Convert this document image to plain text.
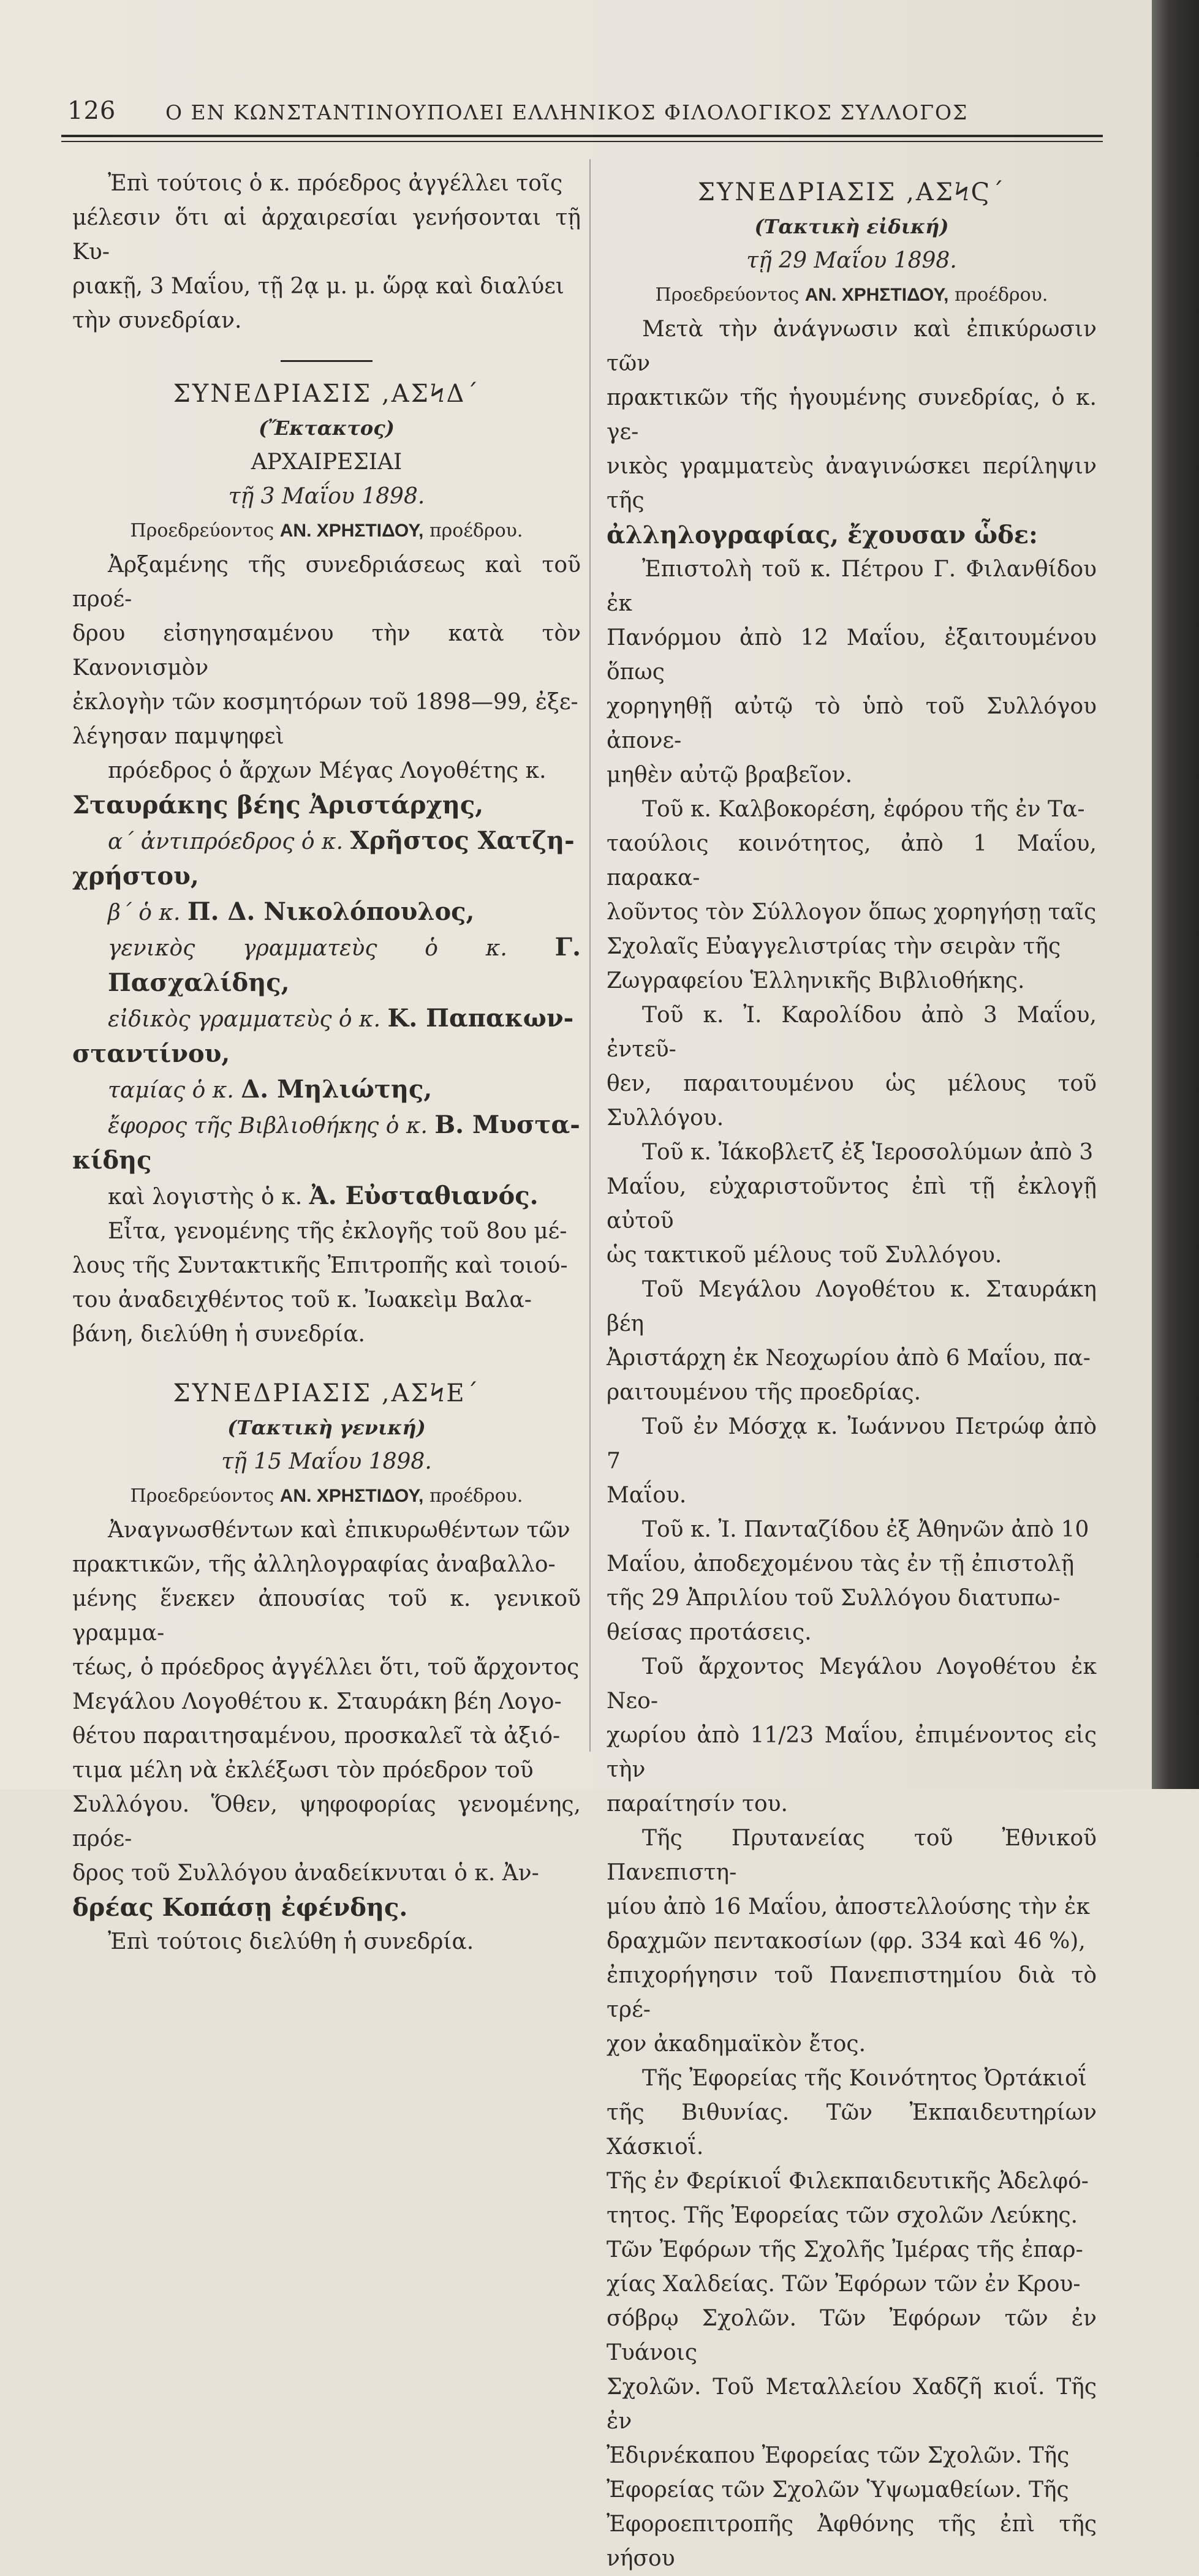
126 Ο ΕΝ ΚΩΝΣΤΑΝΤΙΝΟΥΠΟΛΕΙ ΕΛΛΗΝΙΚΟΣ ΦΙΛΟΛΟΓΙΚΟΣ ΣΥΛΛΟΓΟΣ

Ἐπὶ τούτοις ὁ κ. πρόεδρος ἀγγέλλει τοῖς

μέλεσιν ὅτι αἱ ἀρχαιρεσίαι γενήσονται τῇ Κυ-

ριακῇ, 3 Μαΐου, τῇ 2ᾳ μ. μ. ὥρᾳ καὶ διαλύει

τὴν συνεδρίαν.

ΣΥΝΕΔΡΙΑΣΙΣ ,ΑΣϞΔ΄

(Ἔκτακτος)

ΑΡΧΑΙΡΕΣΙΑΙ

τῇ 3 Μαΐου 1898.

Προεδρεύοντος ΑΝ. ΧΡΗΣΤΙΔΟΥ, προέδρου.

Ἀρξαμένης τῆς συνεδριάσεως καὶ τοῦ προέ-

δρου εἰσηγησαμένου τὴν κατὰ τὸν Κανονισμὸν

ἐκλογὴν τῶν κοσμητόρων τοῦ 1898—99, ἐξε-

λέγησαν παμψηφεὶ

πρόεδρος ὁ ἄρχων Μέγας Λογοθέτης κ.

Σταυράκης βέης Ἀριστάρχης,

α΄ ἀντιπρόεδρος ὁ κ. Χρῆστος Χατζη-

χρήστου,

β΄ ὁ κ. Π. Δ. Νικολόπουλος,

γενικὸς γραμματεὺς ὁ κ. Γ. Πασχαλίδης,

εἰδικὸς γραμματεὺς ὁ κ. Κ. Παπακων-

σταντίνου,

ταμίας ὁ κ. Δ. Μηλιώτης,

ἔφορος τῆς Βιβλιοθήκης ὁ κ. Β. Μυστα-

κίδης

καὶ λογιστὴς ὁ κ. Ἀ. Εὐσταθιανός.

Εἶτα, γενομένης τῆς ἐκλογῆς τοῦ 8ου μέ-

λους τῆς Συντακτικῆς Ἐπιτροπῆς καὶ τοιού-

του ἀναδειχθέντος τοῦ κ. Ἰωακεὶμ Βαλα-

βάνη, διελύθη ἡ συνεδρία.

ΣΥΝΕΔΡΙΑΣΙΣ ,ΑΣϞΕ΄

(Τακτικὴ γενική)

τῇ 15 Μαΐου 1898.

Προεδρεύοντος ΑΝ. ΧΡΗΣΤΙΔΟΥ, προέδρου.

Ἀναγνωσθέντων καὶ ἐπικυρωθέντων τῶν

πρακτικῶν, τῆς ἀλληλογραφίας ἀναβαλλο-

μένης ἕνεκεν ἀπουσίας τοῦ κ. γενικοῦ γραμμα-

τέως, ὁ πρόεδρος ἀγγέλλει ὅτι, τοῦ ἄρχοντος

Μεγάλου Λογοθέτου κ. Σταυράκη βέη Λογο-

θέτου παραιτησαμένου, προσκαλεῖ τὰ ἀξιό-

τιμα μέλη νὰ ἐκλέξωσι τὸν πρόεδρον τοῦ

Συλλόγου. Ὅθεν, ψηφοφορίας γενομένης, πρόε-

δρος τοῦ Συλλόγου ἀναδείκνυται ὁ κ. Ἀν-

δρέας Κοπάσῃ ἐφένδης.

Ἐπὶ τούτοις διελύθη ἡ συνεδρία.

ΣΥΝΕΔΡΙΑΣΙΣ ,ΑΣϞϚ΄

(Τακτικὴ εἰδική)

τῇ 29 Μαΐου 1898.

Προεδρεύοντος ΑΝ. ΧΡΗΣΤΙΔΟΥ, προέδρου.

Μετὰ τὴν ἀνάγνωσιν καὶ ἐπικύρωσιν τῶν

πρακτικῶν τῆς ἡγουμένης συνεδρίας, ὁ κ. γε-

νικὸς γραμματεὺς ἀναγινώσκει περίληψιν τῆς

ἀλληλογραφίας, ἔχουσαν ὧδε:

Ἐπιστολὴ τοῦ κ. Πέτρου Γ. Φιλανθίδου ἐκ

Πανόρμου ἀπὸ 12 Μαΐου, ἐξαιτουμένου ὅπως

χορηγηθῇ αὐτῷ τὸ ὑπὸ τοῦ Συλλόγου ἀπονε-

μηθὲν αὐτῷ βραβεῖον.

Τοῦ κ. Καλβοκορέση, ἐφόρου τῆς ἐν Τα-

ταούλοις κοινότητος, ἀπὸ 1 Μαΐου, παρακα-

λοῦντος τὸν Σύλλογον ὅπως χορηγήσῃ ταῖς

Σχολαῖς Εὐαγγελιστρίας τὴν σειρὰν τῆς

Ζωγραφείου Ἑλληνικῆς Βιβλιοθήκης.

Τοῦ κ. Ἰ. Καρολίδου ἀπὸ 3 Μαΐου, ἐντεῦ-

θεν, παραιτουμένου ὡς μέλους τοῦ Συλλόγου.

Τοῦ κ. Ἰάκοβλετζ ἐξ Ἱεροσολύμων ἀπὸ 3

Μαΐου, εὐχαριστοῦντος ἐπὶ τῇ ἐκλογῇ αὐτοῦ

ὡς τακτικοῦ μέλους τοῦ Συλλόγου.

Τοῦ Μεγάλου Λογοθέτου κ. Σταυράκη βέη

Ἀριστάρχη ἐκ Νεοχωρίου ἀπὸ 6 Μαΐου, πα-

ραιτουμένου τῆς προεδρίας.

Τοῦ ἐν Μόσχᾳ κ. Ἰωάννου Πετρώφ ἀπὸ 7

Μαΐου.

Τοῦ κ. Ἰ. Πανταζίδου ἐξ Ἀθηνῶν ἀπὸ 10

Μαΐου, ἀποδεχομένου τὰς ἐν τῇ ἐπιστολῇ

τῆς 29 Ἀπριλίου τοῦ Συλλόγου διατυπω-

θείσας προτάσεις.

Τοῦ ἄρχοντος Μεγάλου Λογοθέτου ἐκ Νεο-

χωρίου ἀπὸ 11/23 Μαΐου, ἐπιμένοντος εἰς τὴν

παραίτησίν του.

Τῆς Πρυτανείας τοῦ Ἐθνικοῦ Πανεπιστη-

μίου ἀπὸ 16 Μαΐου, ἀποστελλούσης τὴν ἐκ

δραχμῶν πεντακοσίων (φρ. 334 καὶ 46 %),

ἐπιχορήγησιν τοῦ Πανεπιστημίου διὰ τὸ τρέ-

χον ἀκαδημαϊκὸν ἔτος.

Τῆς Ἐφορείας τῆς Κοινότητος Ὀρτάκιοΐ

τῆς Βιθυνίας. Τῶν Ἐκπαιδευτηρίων Χάσκιοΐ.

Τῆς ἐν Φερίκιοΐ Φιλεκπαιδευτικῆς Ἀδελφό-

τητος. Τῆς Ἐφορείας τῶν σχολῶν Λεύκης.

Τῶν Ἐφόρων τῆς Σχολῆς Ἰμέρας τῆς ἐπαρ-

χίας Χαλδείας. Τῶν Ἐφόρων τῶν ἐν Κρου-

σόβρῳ Σχολῶν. Τῶν Ἐφόρων τῶν ἐν Τυάνοις

Σχολῶν. Τοῦ Μεταλλείου Χαδζῆ κιοΐ. Τῆς ἐν

Ἐδιρνέκαπου Ἐφορείας τῶν Σχολῶν. Τῆς

Ἐφορείας τῶν Σχολῶν Ὑψωμαθείων. Τῆς

Ἐφοροεπιτροπῆς Ἀφθόνης τῆς ἐπὶ τῆς νήσου
